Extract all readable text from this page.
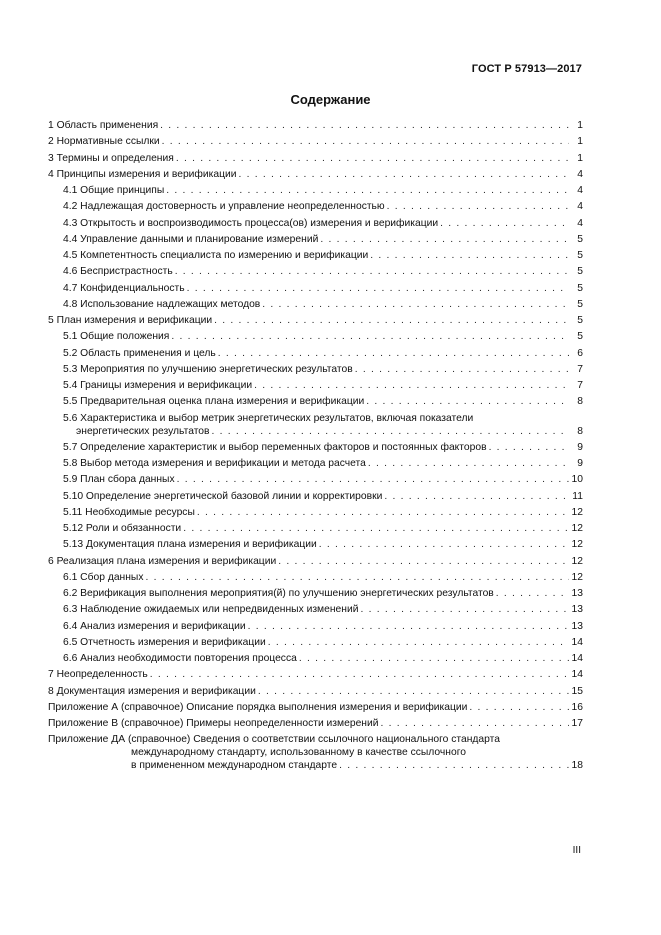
ГОСТ Р 57913—2017
Содержание
1 Область применения . . .	1
2 Нормативные ссылки . . .	1
3 Термины и определения . . .	1
4 Принципы измерения и верификации . . .	4
4.1 Общие принципы . . .	4
4.2 Надлежащая достоверность и управление неопределенностью . . .	4
4.3 Открытость и воспроизводимость процесса(ов) измерения и верификации . . .	4
4.4 Управление данными и планирование измерений . . .	5
4.5 Компетентность специалиста по измерению и верификации . . .	5
4.6 Беспристрастность . . .	5
4.7 Конфиденциальность . . .	5
4.8 Использование надлежащих методов . . .	5
5 План измерения и верификации . . .	5
5.1 Общие положения . . .	5
5.2 Область применения и цель . . .	6
5.3 Мероприятия по улучшению энергетических результатов . . .	7
5.4 Границы измерения и верификации . . .	7
5.5 Предварительная оценка плана измерения и верификации . . .	8
5.6 Характеристика и выбор метрик энергетических результатов, включая показатели
энергетических результатов . . .	8
5.7 Определение характеристик и выбор переменных факторов и постоянных факторов . . .	9
5.8 Выбор метода измерения и верификации и метода расчета . . .	9
5.9 План сбора данных . . .	10
5.10 Определение энергетической базовой линии и корректировки . . .	11
5.11 Необходимые ресурсы . . .	12
5.12 Роли и обязанности . . .	12
5.13 Документация плана измерения и верификации . . .	12
6 Реализация плана измерения и верификации . . .	12
6.1 Сбор данных . . .	12
6.2 Верификация выполнения мероприятия(й) по улучшению энергетических результатов . . .	13
6.3 Наблюдение ожидаемых или непредвиденных изменений . . .	13
6.4 Анализ измерения и верификации . . .	13
6.5 Отчетность измерения и верификации . . .	14
6.6 Анализ необходимости повторения процесса . . .	14
7 Неопределенность . . .	14
8 Документация измерения и верификации . . .	15
Приложение А (справочное) Описание порядка выполнения измерения и верификации . . .	16
Приложение В (справочное) Примеры неопределенности измерений . . .	17
Приложение ДА (справочное) Сведения о соответствии ссылочного национального стандарта
международному стандарту, использованному в качестве ссылочного
в примененном международном стандарте . . .	18
III
